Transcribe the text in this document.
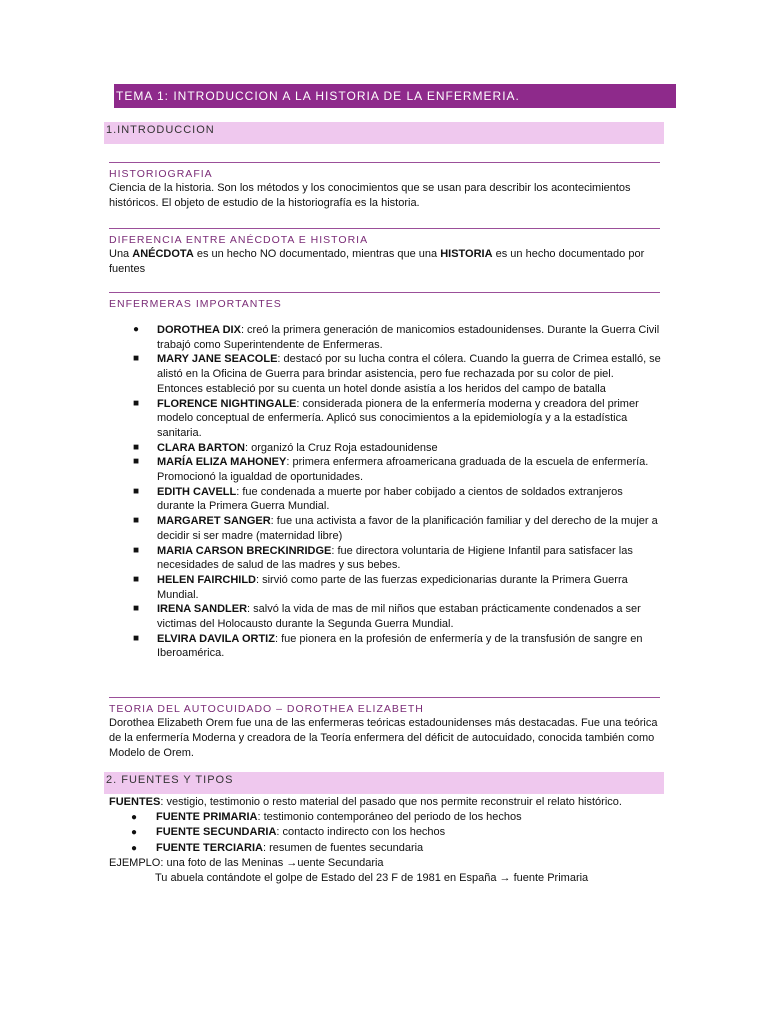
TEMA 1: INTRODUCCION A LA HISTORIA DE LA ENFERMERIA.
1.INTRODUCCION
HISTORIOGRAFIA
Ciencia de la historia. Son los métodos y los conocimientos que se usan para describir los acontecimientos históricos. El objeto de estudio de la historiografía es la historia.
DIFERENCIA ENTRE ANÉCDOTA E HISTORIA
Una ANÉCDOTA es un hecho NO documentado, mientras que una HISTORIA es un hecho documentado por fuentes
ENFERMERAS IMPORTANTES
● DOROTHEA DIX: creó la primera generación de manicomios estadounidenses. Durante la Guerra Civil trabajó como Superintendente de Enfermeras.
■ MARY JANE SEACOLE: destacó por su lucha contra el cólera. Cuando la guerra de Crimea estalló, se alistó en la Oficina de Guerra para brindar asistencia, pero fue rechazada por su color de piel. Entonces estableció por su cuenta un hotel donde asistía a los heridos del campo de batalla
■ FLORENCE NIGHTINGALE: considerada pionera de la enfermería moderna y creadora del primer modelo conceptual de enfermería. Aplicó sus conocimientos a la epidemiología y a la estadística sanitaria.
■ CLARA BARTON: organizó la Cruz Roja estadounidense
■ MARÍA ELIZA MAHONEY: primera enfermera afroamericana graduada de la escuela de enfermería. Promocionó la igualdad de oportunidades.
■ EDITH CAVELL: fue condenada a muerte por haber cobijado a cientos de soldados extranjeros durante la Primera Guerra Mundial.
■ MARGARET SANGER: fue una activista a favor de la planificación familiar y del derecho de la mujer a decidir si ser madre (maternidad libre)
■ MARIA CARSON BRECKINRIDGE: fue directora voluntaria de Higiene Infantil para satisfacer las necesidades de salud de las madres y sus bebes.
■ HELEN FAIRCHILD: sirvió como parte de las fuerzas expedicionarias durante la Primera Guerra Mundial.
■ IRENA SANDLER: salvó la vida de mas de mil niños que estaban prácticamente condenados a ser victimas del Holocausto durante la Segunda Guerra Mundial.
■ ELVIRA DAVILA ORTIZ: fue pionera en la profesión de enfermería y de la transfusión de sangre en Iberoamérica.
TEORIA DEL AUTOCUIDADO – DOROTHEA ELIZABETH
Dorothea Elizabeth Orem fue una de las enfermeras teóricas estadounidenses más destacadas. Fue una teórica de la enfermería Moderna y creadora de la Teoría enfermera del déficit de autocuidado, conocida también como Modelo de Orem.
2. FUENTES Y TIPOS
FUENTES: vestigio, testimonio o resto material del pasado que nos permite reconstruir el relato histórico.
● FUENTE PRIMARIA: testimonio contemporáneo del periodo de los hechos
● FUENTE SECUNDARIA: contacto indirecto con los hechos
● FUENTE TERCIARIA: resumen de fuentes secundaria
EJEMPLO: una foto de las Meninas →uente Secundaria
Tu abuela contándote el golpe de Estado del 23 F de 1981 en España → fuente Primaria
